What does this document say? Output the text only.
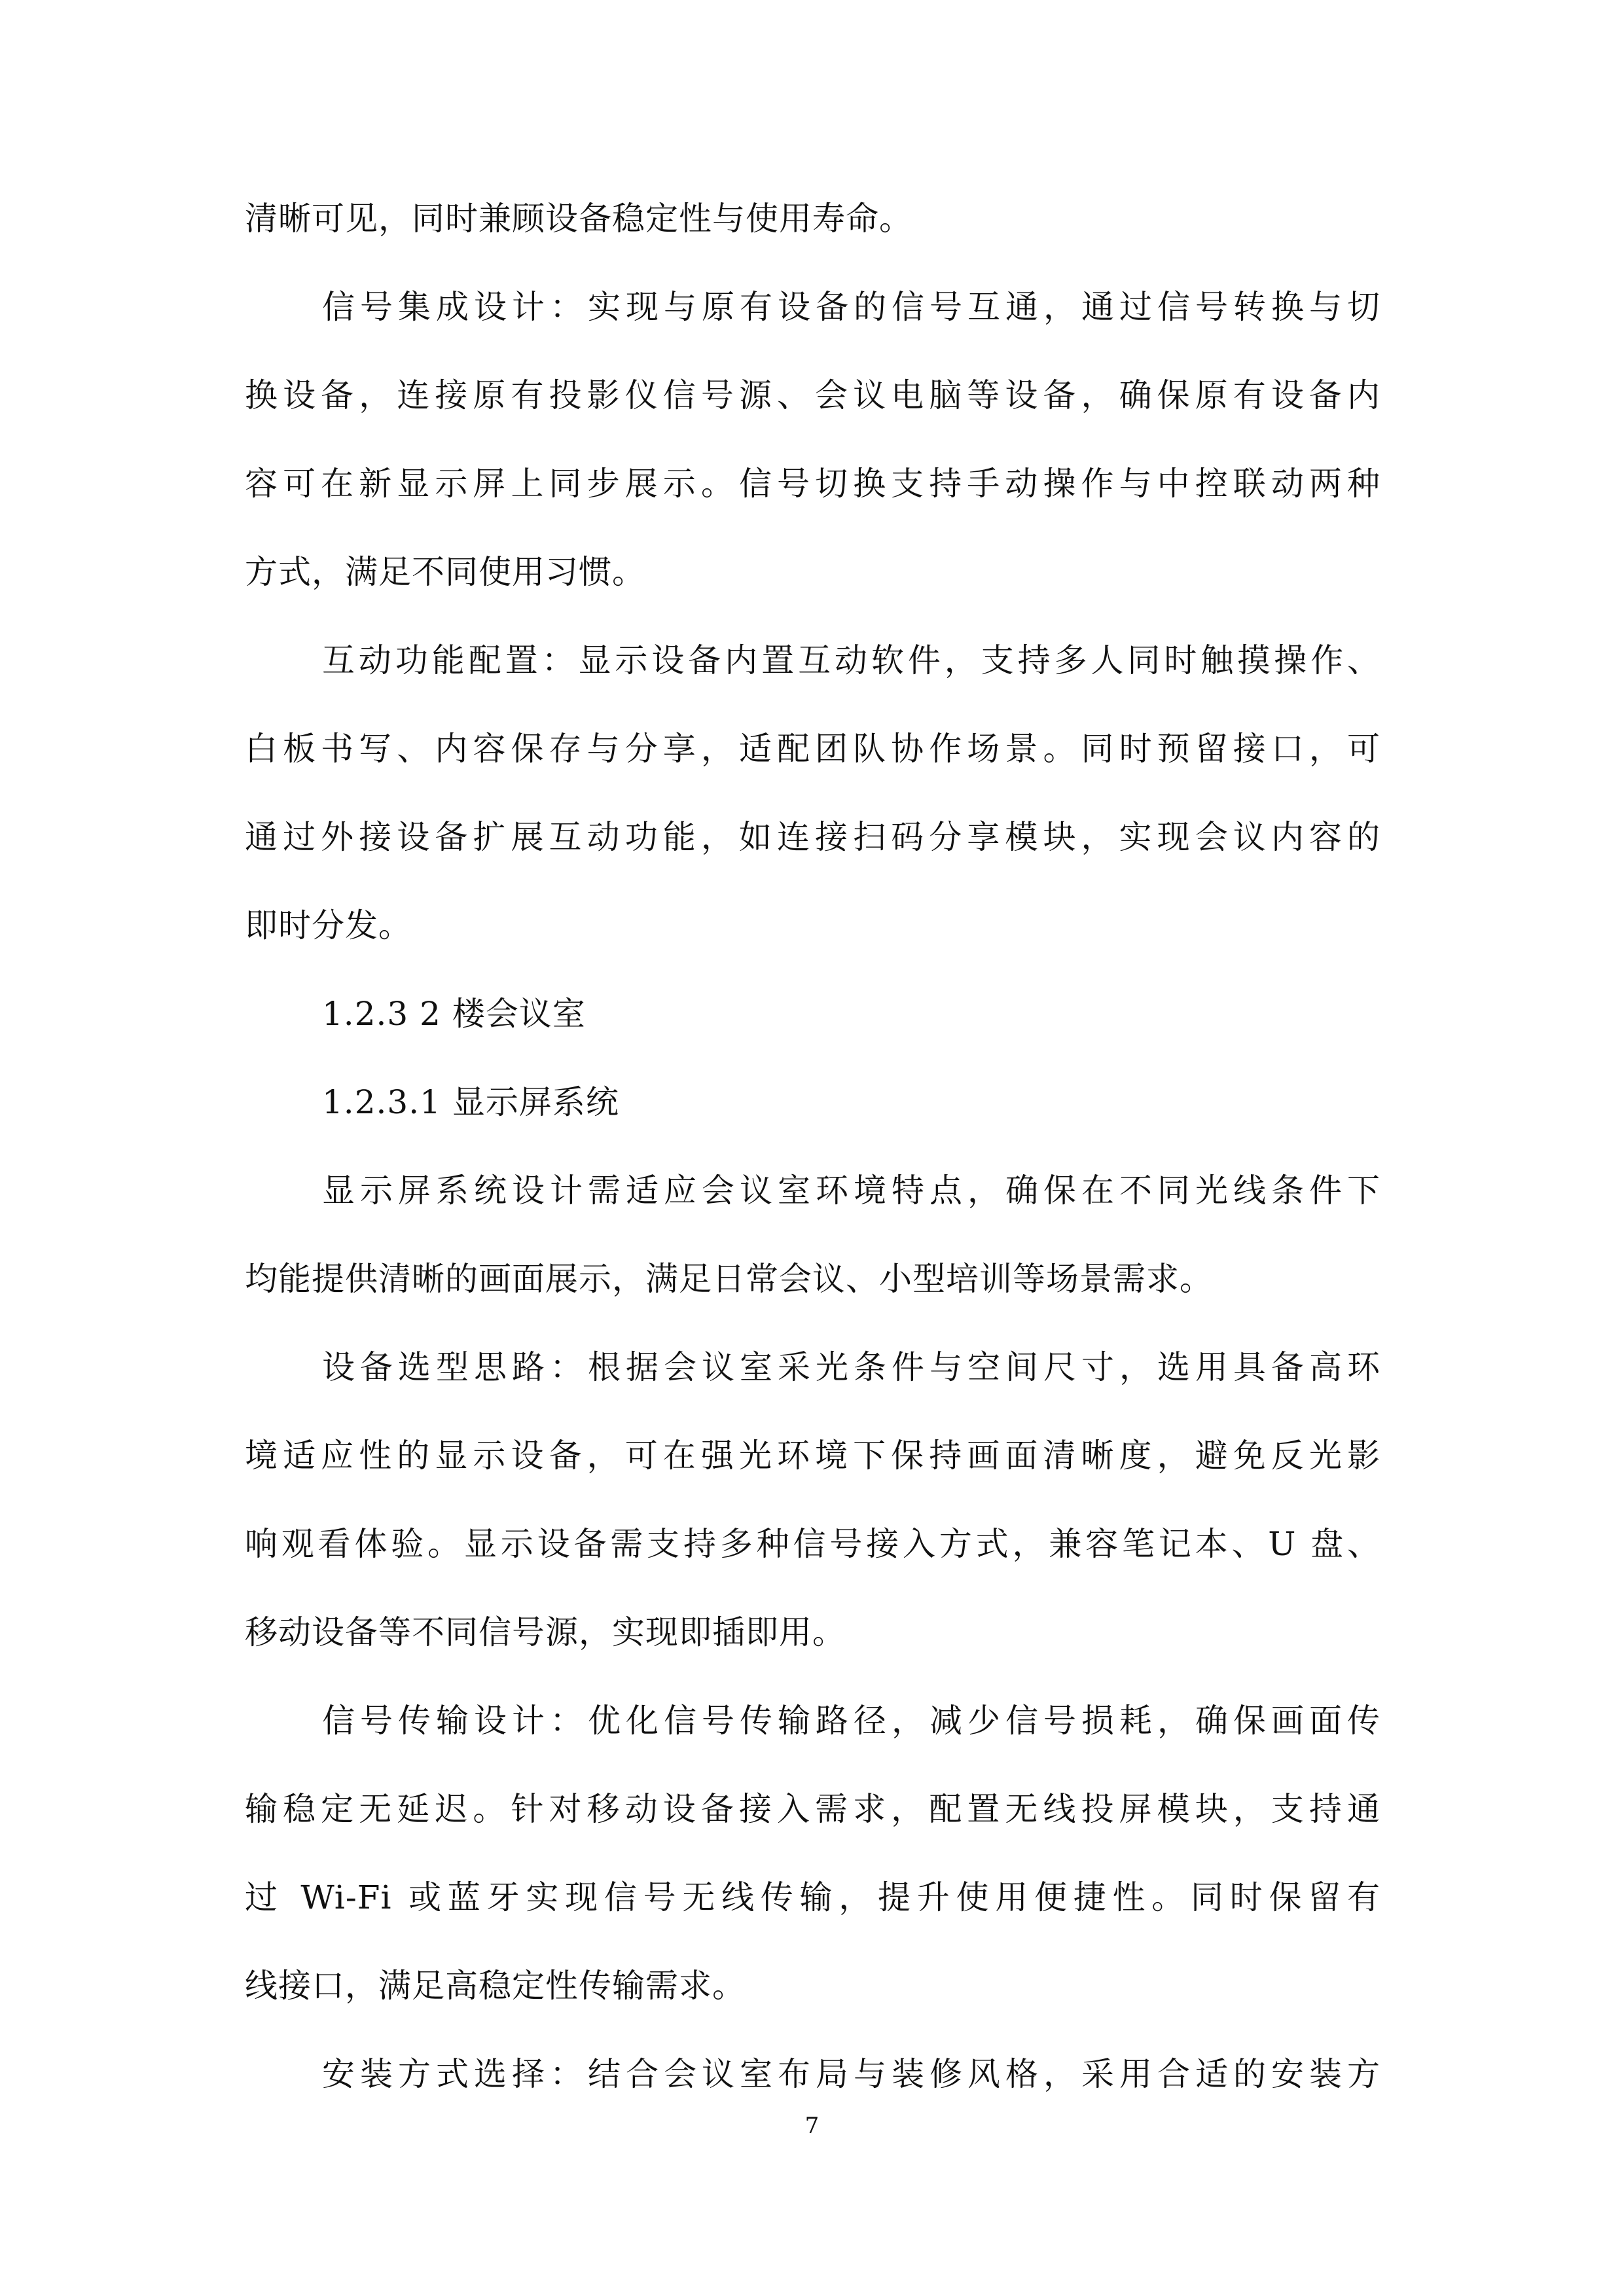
清晰可见，同时兼顾设备稳定性与使用寿命。
信号集成设计：实现与原有设备的信号互通，通过信号转换与切
换设备，连接原有投影仪信号源、会议电脑等设备，确保原有设备内
容可在新显示屏上同步展示。信号切换支持手动操作与中控联动两种
方式，满足不同使用习惯。
互动功能配置：显示设备内置互动软件，支持多人同时触摸操作、
白板书写、内容保存与分享，适配团队协作场景。同时预留接口，可
通过外接设备扩展互动功能，如连接扫码分享模块，实现会议内容的
即时分发。
1.2.3 2 楼会议室
1.2.3.1 显示屏系统
显示屏系统设计需适应会议室环境特点，确保在不同光线条件下
均能提供清晰的画面展示，满足日常会议、小型培训等场景需求。
设备选型思路：根据会议室采光条件与空间尺寸，选用具备高环
境适应性的显示设备，可在强光环境下保持画面清晰度，避免反光影
响观看体验。显示设备需支持多种信号接入方式，兼容笔记本、U 盘、
移动设备等不同信号源，实现即插即用。
信号传输设计：优化信号传输路径，减少信号损耗，确保画面传
输稳定无延迟。针对移动设备接入需求，配置无线投屏模块，支持通
过 Wi-Fi 或蓝牙实现信号无线传输，提升使用便捷性。同时保留有
线接口，满足高稳定性传输需求。
安装方式选择：结合会议室布局与装修风格，采用合适的安装方
7
